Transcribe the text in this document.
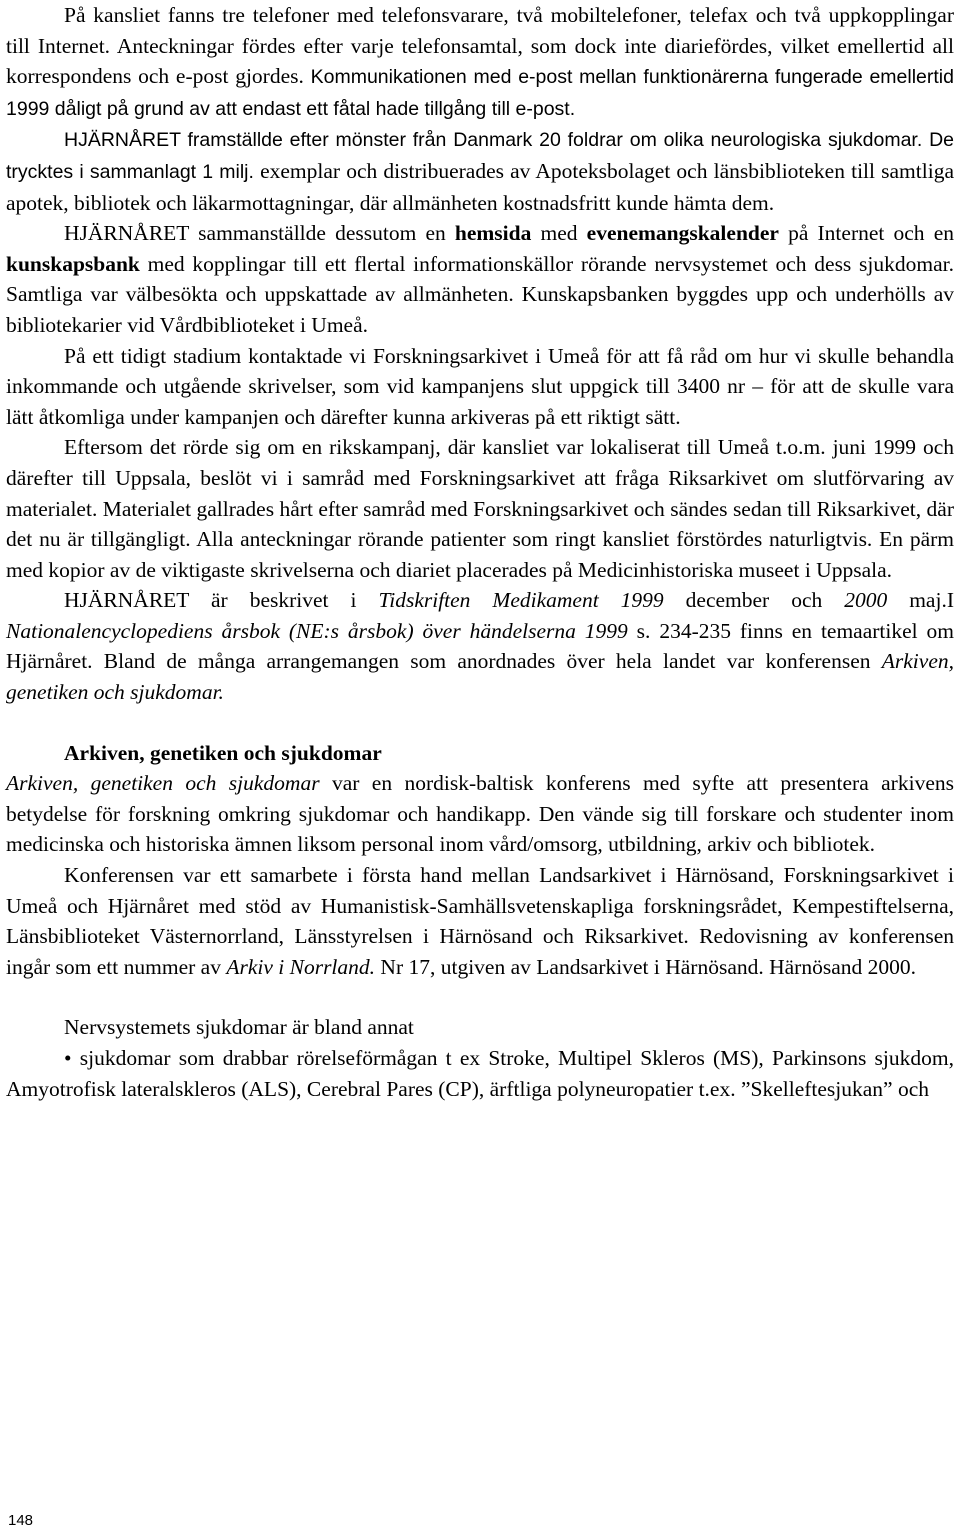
På kansliet fanns tre telefoner med telefonsvarare, två mobiltelefoner, telefax och två uppkopplingar till Internet. Anteckningar fördes efter varje telefonsamtal, som dock inte diariefördes, vilket emellertid all korrespondens och e-post gjordes. Kommunikationen med e-post mellan funktionärerna fungerade emellertid 1999 dåligt på grund av att endast ett fåtal hade tillgång till e-post.

HJÄRNÅRET framställde efter mönster från Danmark 20 foldrar om olika neurologiska sjukdomar. De trycktes i sammanlagt 1 milj. exemplar och distribuerades av Apoteksbolaget och länsbiblioteken till samtliga apotek, bibliotek och läkarmottagningar, där allmänheten kostnadsfritt kunde hämta dem.

HJÄRNÅRET sammanställde dessutom en hemsida med evenemangskalender på Internet och en kunskapsbank med kopplingar till ett flertal informationskällor rörande nervsystemet och dess sjukdomar. Samtliga var välbesökta och uppskattade av allmänheten. Kunskapsbanken byggdes upp och underhölls av bibliotekarier vid Vårdbiblioteket i Umeå.

På ett tidigt stadium kontaktade vi Forskningsarkivet i Umeå för att få råd om hur vi skulle behandla inkommande och utgående skrivelser, som vid kampanjens slut uppgick till 3400 nr – för att de skulle vara lätt åtkomliga under kampanjen och därefter kunna arkiveras på ett riktigt sätt.

Eftersom det rörde sig om en rikskampanj, där kansliet var lokaliserat till Umeå t.o.m. juni 1999 och därefter till Uppsala, beslöt vi i samråd med Forskningsarkivet att fråga Riksarkivet om slutförvaring av materialet. Materialet gallrades hårt efter samråd med Forskningsarkivet och sändes sedan till Riksarkivet, där det nu är tillgängligt. Alla anteckningar rörande patienter som ringt kansliet förstördes naturligtvis. En pärm med kopior av de viktigaste skrivelserna och diariet placerades på Medicinhistoriska museet i Uppsala.

HJÄRNÅRET är beskrivet i Tidskriften Medikament 1999 december och 2000 maj.I Nationalencyclopediens årsbok (NE:s årsbok) över händelserna 1999 s. 234-235 finns en temaartikel om Hjärnåret. Bland de många arrangemangen som anordnades över hela landet var konferensen Arkiven, genetiken och sjukdomar.

Arkiven, genetiken och sjukdomar

Arkiven, genetiken och sjukdomar var en nordisk-baltisk konferens med syfte att presentera arkivens betydelse för forskning omkring sjukdomar och handikapp. Den vände sig till forskare och studenter inom medicinska och historiska ämnen liksom personal inom vård/omsorg, utbildning, arkiv och bibliotek.

Konferensen var ett samarbete i första hand mellan Landsarkivet i Härnösand, Forskningsarkivet i Umeå och Hjärnåret med stöd av Humanistisk-Samhällsvetenskapliga forskningsrådet, Kempestiftelserna, Länsbiblioteket Västernorrland, Länsstyrelsen i Härnösand och Riksarkivet. Redovisning av konferensen ingår som ett nummer av Arkiv i Norrland. Nr 17, utgiven av Landsarkivet i Härnösand. Härnösand 2000.

Nervsystemets sjukdomar är bland annat

• sjukdomar som drabbar rörelseförmågan t ex Stroke, Multipel Skleros (MS), Parkinsons sjukdom, Amyotrofisk lateralskleros (ALS), Cerebral Pares (CP), ärftliga polyneuropatier t.ex. ”Skelleftesjukan” och

148
